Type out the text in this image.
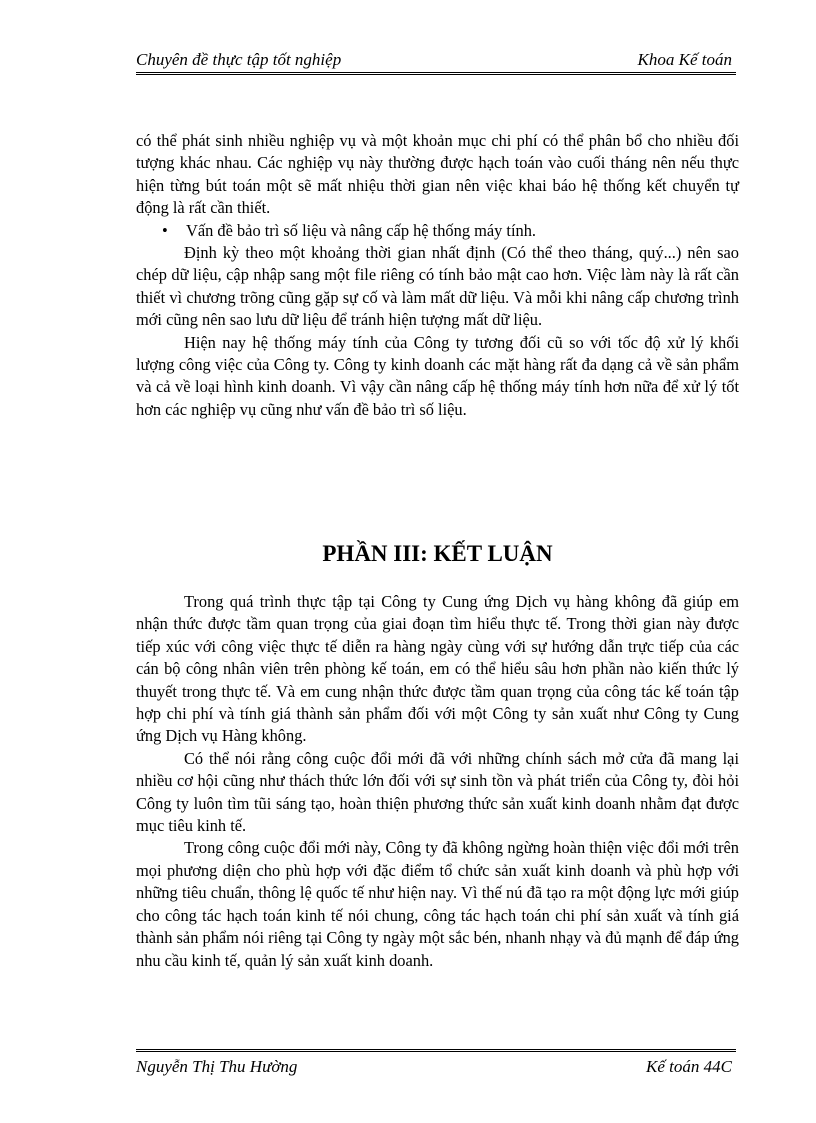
Chuyên đề thực tập tốt nghiệp	Khoa Kế toán

có thể phát sinh nhiều nghiệp vụ và một khoản mục chi phí có thể phân bổ cho nhiều đối tượng khác nhau. Các nghiệp vụ này thường được hạch toán vào cuối tháng nên nếu thực hiện từng bút toán một sẽ mất nhiệu thời gian nên việc khai báo hệ thống kết chuyển tự động là rất cần thiết.

• Vấn đề bảo trì số liệu và nâng cấp hệ thống máy tính.

Định kỳ theo một khoảng thời gian nhất định (Có thể theo tháng, quý...) nên sao chép dữ liệu, cập nhập sang một file riêng có tính bảo mật cao hơn. Việc làm này là rất cần thiết vì chương trõng cũng gặp sự cố và làm mất dữ liệu. Và mỗi khi nâng cấp chương trình mới cũng nên sao lưu dữ liệu để tránh hiện tượng mất dữ liệu.

Hiện nay hệ thống máy tính của Công ty tương đối cũ so với tốc độ xử lý khối lượng công việc của Công ty. Công ty kinh doanh các mặt hàng rất đa dạng cả về sản phẩm và cả về loại hình kinh doanh. Vì vậy cần nâng cấp hệ thống máy tính hơn nữa để xử lý tốt hơn các nghiệp vụ cũng như vấn đề bảo trì số liệu.

PHẦN III: KẾT LUẬN

Trong quá trình thực tập tại Công ty Cung ứng Dịch vụ hàng không đã giúp em nhận thức được tầm quan trọng của giai đoạn tìm hiểu thực tế. Trong thời gian này được tiếp xúc với công việc thực tế diễn ra hàng ngày cùng với sự hướng dẫn trực tiếp của các cán bộ công nhân viên trên phòng kế toán, em có thể hiểu sâu hơn phần nào kiến thức lý thuyết trong thực tế. Và em cung nhận thức được tầm quan trọng của công tác kế toán tập hợp chi phí và tính giá thành sản phẩm đối với một Công ty sản xuất như Công ty Cung ứng Dịch vụ Hàng không.

Có thể nói rằng công cuộc đổi mới đã với những chính sách mở cửa đã mang lại nhiều cơ hội cũng như thách thức lớn đối với sự sinh tồn và phát triển của Công ty, đòi hỏi Công ty luôn tìm tũi sáng tạo, hoàn thiện phương thức sản xuất kinh doanh nhằm đạt được mục tiêu kinh tế.

Trong công cuộc đổi mới này, Công ty đã không ngừng hoàn thiện việc đổi mới trên mọi phương diện cho phù hợp với đặc điểm tổ chức sản xuất kinh doanh và phù hợp với những tiêu chuẩn, thông lệ quốc tế như hiện nay. Vì thế nú đã tạo ra một động lực mới giúp cho công tác hạch toán kinh tế nói chung, công tác hạch toán chi phí sản xuất và tính giá thành sản phẩm nói riêng tại Công ty ngày một sắc bén, nhanh nhạy và đủ mạnh để đáp ứng nhu cầu kinh tế, quản lý sản xuất kinh doanh.

Nguyễn Thị Thu Hường	Kế toán 44C
